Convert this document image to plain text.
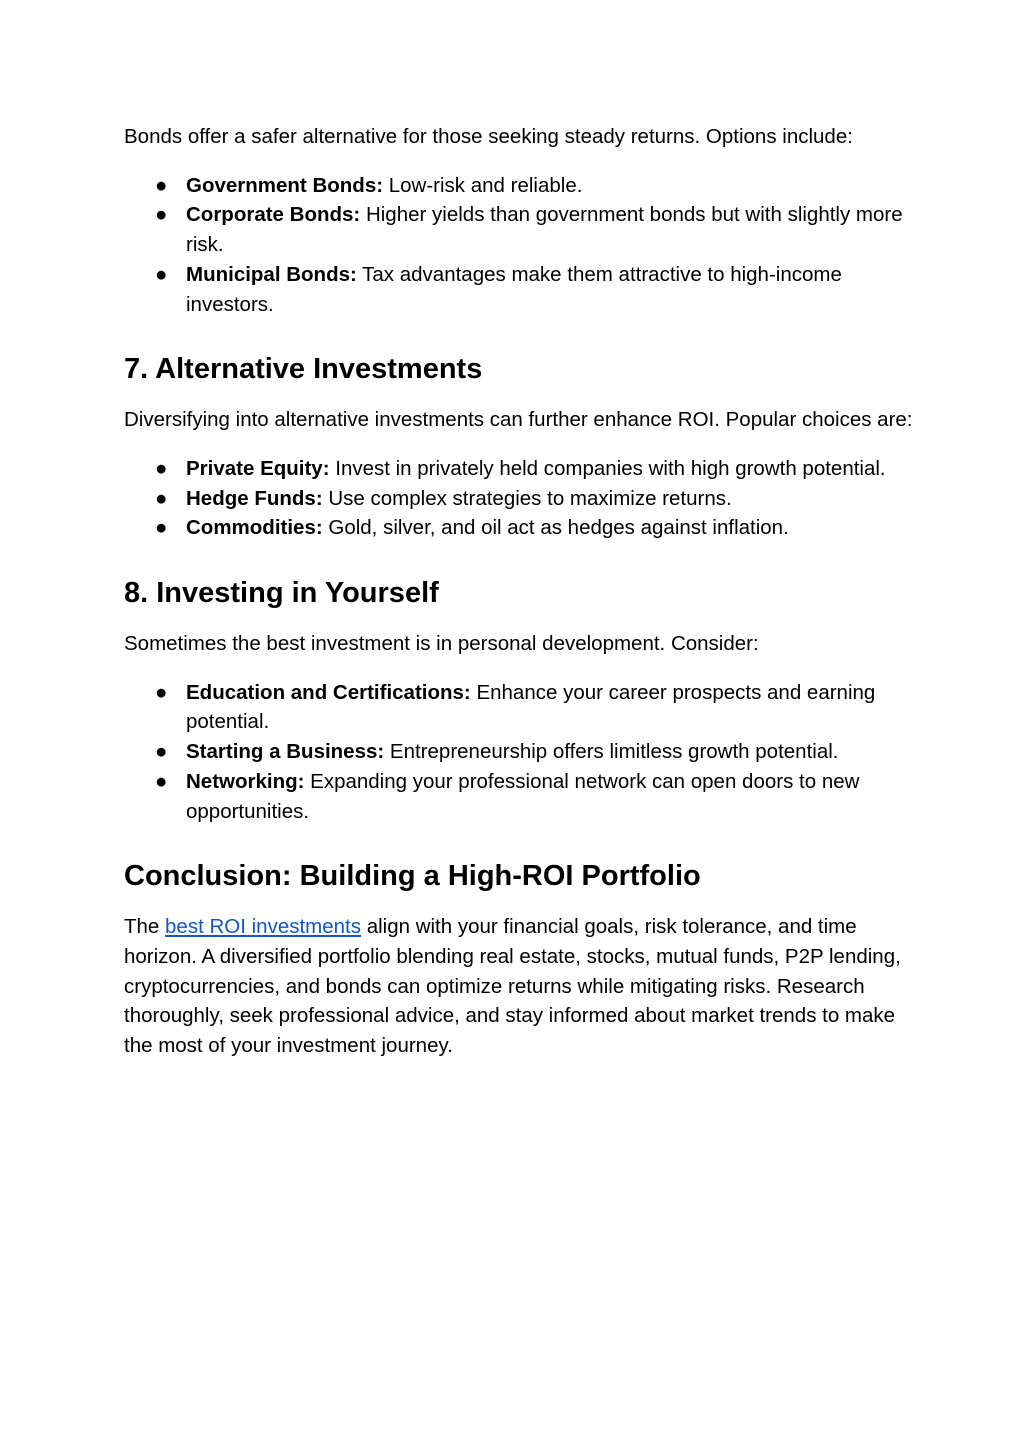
Bonds offer a safer alternative for those seeking steady returns. Options include:

● Government Bonds: Low-risk and reliable.
● Corporate Bonds: Higher yields than government bonds but with slightly more risk.
● Municipal Bonds: Tax advantages make them attractive to high-income investors.
7. Alternative Investments

Diversifying into alternative investments can further enhance ROI. Popular choices are:

● Private Equity: Invest in privately held companies with high growth potential.
● Hedge Funds: Use complex strategies to maximize returns.
● Commodities: Gold, silver, and oil act as hedges against inflation.
8. Investing in Yourself

Sometimes the best investment is in personal development. Consider:

● Education and Certifications: Enhance your career prospects and earning potential.
● Starting a Business: Entrepreneurship offers limitless growth potential.
● Networking: Expanding your professional network can open doors to new opportunities.
Conclusion: Building a High-ROI Portfolio

The best ROI investments align with your financial goals, risk tolerance, and time horizon. A diversified portfolio blending real estate, stocks, mutual funds, P2P lending, cryptocurrencies, and bonds can optimize returns while mitigating risks. Research thoroughly, seek professional advice, and stay informed about market trends to make the most of your investment journey.
